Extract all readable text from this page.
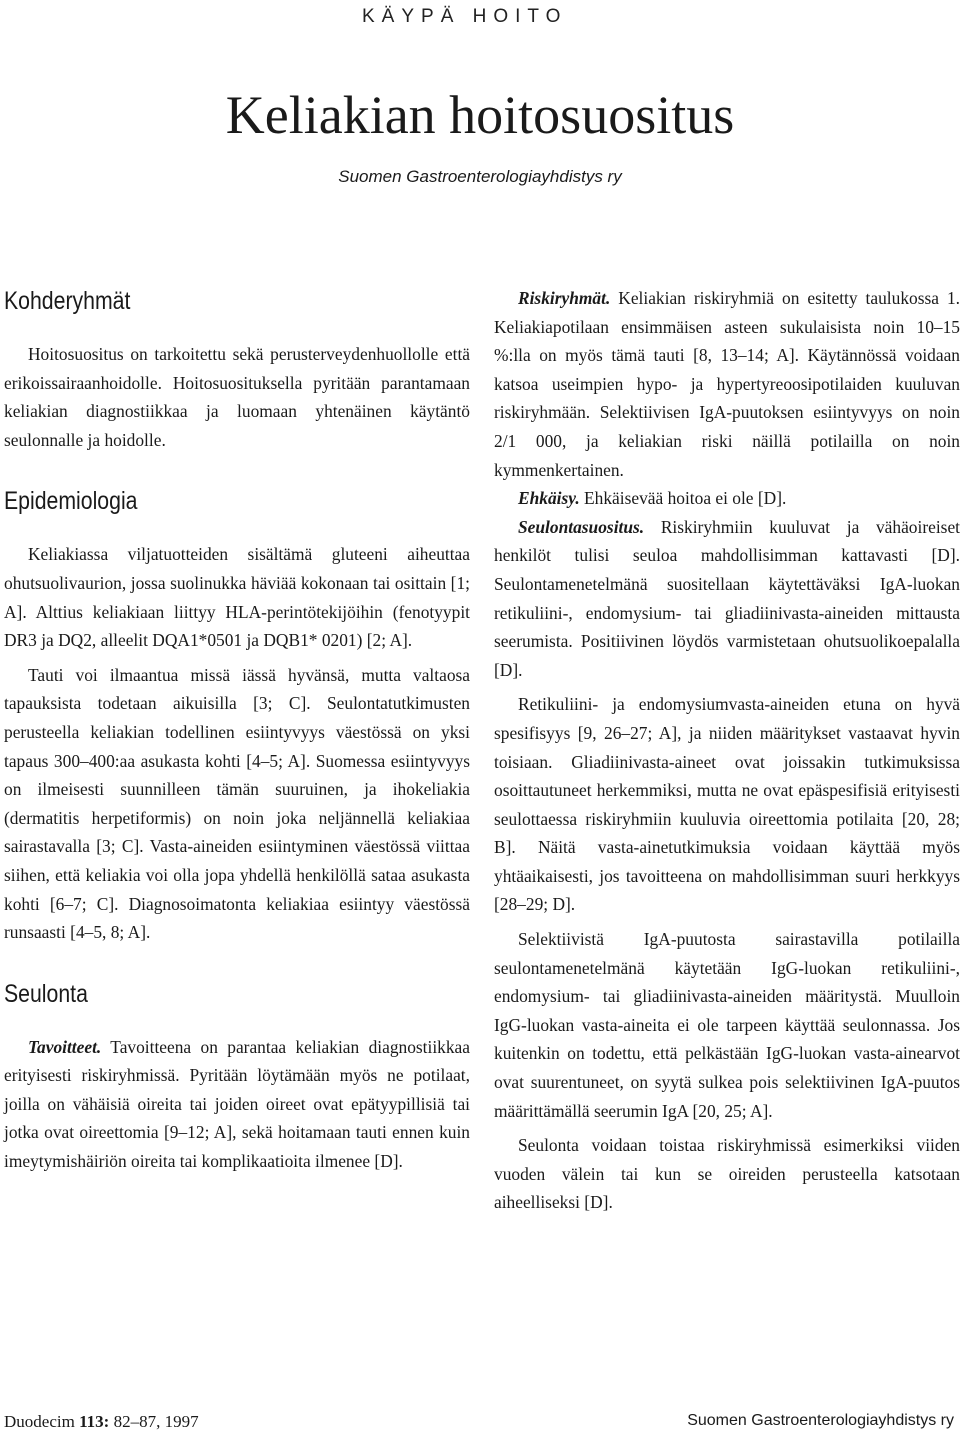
KÄYPÄ HOITO
Keliakian hoitosuositus
Suomen Gastroenterologiayhdistys ry
Kohderyhmät

Hoitosuositus on tarkoitettu sekä perusterveydenhuollolle että erikoissairaanhoidolle. Hoitosuosituksella pyritään parantamaan keliakian diagnostiikkaa ja luomaan yhtenäinen käytäntö seulonnalle ja hoidolle.

Epidemiologia

Keliakiassa viljatuotteiden sisältämä gluteeni aiheuttaa ohutsuolivaurion, jossa suolinukka häviää kokonaan tai osittain [1; A]. Alttius keliakiaan liittyy HLA-perintötekijöihin (fenotyypit DR3 ja DQ2, alleelit DQA1*0501 ja DQB1* 0201) [2; A].

Tauti voi ilmaantua missä iässä hyvänsä, mutta valtaosa tapauksista todetaan aikuisilla [3; C]. Seulontatutkimusten perusteella keliakian todellinen esiintyvyys väestössä on yksi tapaus 300–400:aa asukasta kohti [4–5; A]. Suomessa esiintyvyys on ilmeisesti suunnilleen tämän suuruinen, ja ihokeliakia (dermatitis herpetiformis) on noin joka neljännellä keliakiaa sairastavalla [3; C]. Vasta-aineiden esiintyminen väestössä viittaa siihen, että keliakia voi olla jopa yhdellä henkilöllä sataa asukasta kohti [6–7; C]. Diagnosoimatonta keliakiaa esiintyy väestössä runsaasti [4–5, 8; A].

Seulonta

Tavoitteet. Tavoitteena on parantaa keliakian diagnostiikkaa erityisesti riskiryhmissä. Pyritään löytämään myös ne potilaat, joilla on vähäisiä oireita tai joiden oireet ovat epätyypillisiä tai jotka ovat oireettomia [9–12; A], sekä hoitamaan tauti ennen kuin imeytymishäiriön oireita tai komplikaatioita ilmenee [D].

Riskiryhmät. Keliakian riskiryhmiä on esitetty taulukossa 1. Keliakiapotilaan ensimmäisen asteen sukulaisista noin 10–15 %:lla on myös tämä tauti [8, 13–14; A]. Käytännössä voidaan katsoa useimpien hypo- ja hypertyreoosipotilaiden kuuluvan riskiryhmään. Selektiivisen IgA-puutoksen esiintyvyys on noin 2/1 000, ja keliakian riski näillä potilailla on noin kymmenkertainen.

Ehkäisy. Ehkäisevää hoitoa ei ole [D].

Seulontasuositus. Riskiryhmiin kuuluvat ja vähäoireiset henkilöt tulisi seuloa mahdollisimman kattavasti [D]. Seulontamenetelmänä suositellaan käytettäväksi IgA-luokan retikuliini-, endomysium- tai gliadiinivasta-aineiden mittausta seerumista. Positiivinen löydös varmistetaan ohutsuolikoepalalla [D].

Retikuliini- ja endomysiumvasta-aineiden etuna on hyvä spesifisyys [9, 26–27; A], ja niiden määritykset vastaavat hyvin toisiaan. Gliadiinivasta-aineet ovat joissakin tutkimuksissa osoittautuneet herkemmiksi, mutta ne ovat epäspesifisiä erityisesti seulottaessa riskiryhmiin kuuluvia oireettomia potilaita [20, 28; B]. Näitä vasta-ainetutkimuksia voidaan käyttää myös yhtäaikaisesti, jos tavoitteena on mahdollisimman suuri herkkyys [28–29; D].

Selektiivistä IgA-puutosta sairastavilla potilailla seulontamenetelmänä käytetään IgG-luokan retikuliini-, endomysium- tai gliadiinivasta-aineiden määritystä. Muulloin IgG-luokan vasta-aineita ei ole tarpeen käyttää seulonnassa. Jos kuitenkin on todettu, että pelkästään IgG-luokan vasta-ainearvot ovat suurentuneet, on syytä sulkea pois selektiivinen IgA-puutos määrittämällä seerumin IgA [20, 25; A].

Seulonta voidaan toistaa riskiryhmissä esimerkiksi viiden vuoden välein tai kun se oireiden perusteella katsotaan aiheelliseksi [D].

Duodecim 113: 82–87, 1997	Suomen Gastroenterologiayhdistys ry
